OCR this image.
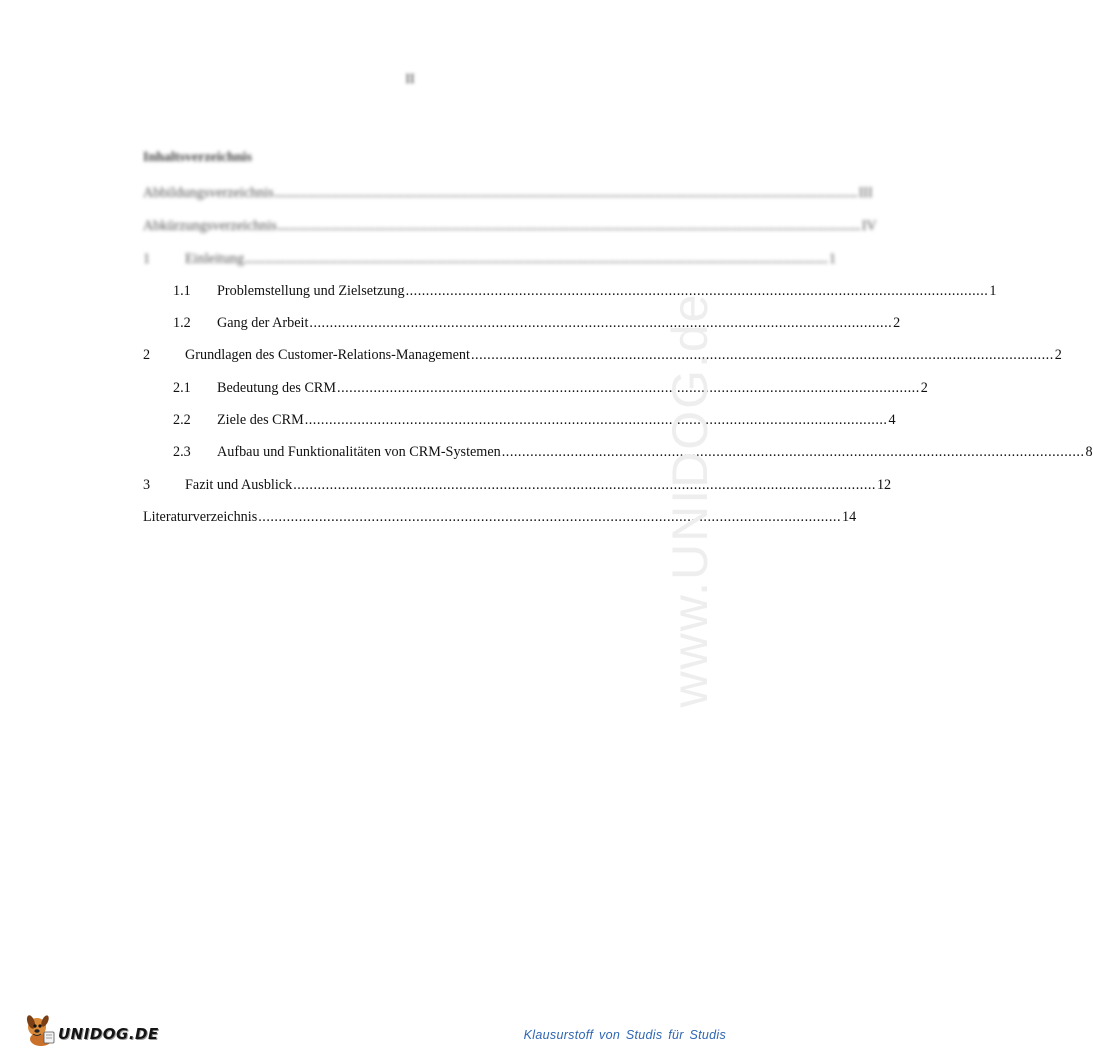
II
Inhaltsverzeichnis
Abbildungsverzeichnis ................................................................................................................................................ III
Abkürzungsverzeichnis ................................................................................................................................................ IV
1	Einleitung ................................................................................................................................................ 1
1.1	Problemstellung und Zielsetzung ................................................................................................................................................ 1
1.2	Gang der Arbeit ................................................................................................................................................ 2
2	Grundlagen des Customer-Relations-Management ................................................................................................................................................ 2
2.1	Bedeutung des CRM ................................................................................................................................................ 2
2.2	Ziele des CRM ................................................................................................................................................ 4
2.3	Aufbau und Funktionalitäten von CRM-Systemen ................................................................................................................................................ 8
3	Fazit und Ausblick ................................................................................................................................................ 12
Literaturverzeichnis ................................................................................................................................................ 14
www.UNIDOG.de
UNIDOG.DE	Klausurstoff von Studis für Studis
